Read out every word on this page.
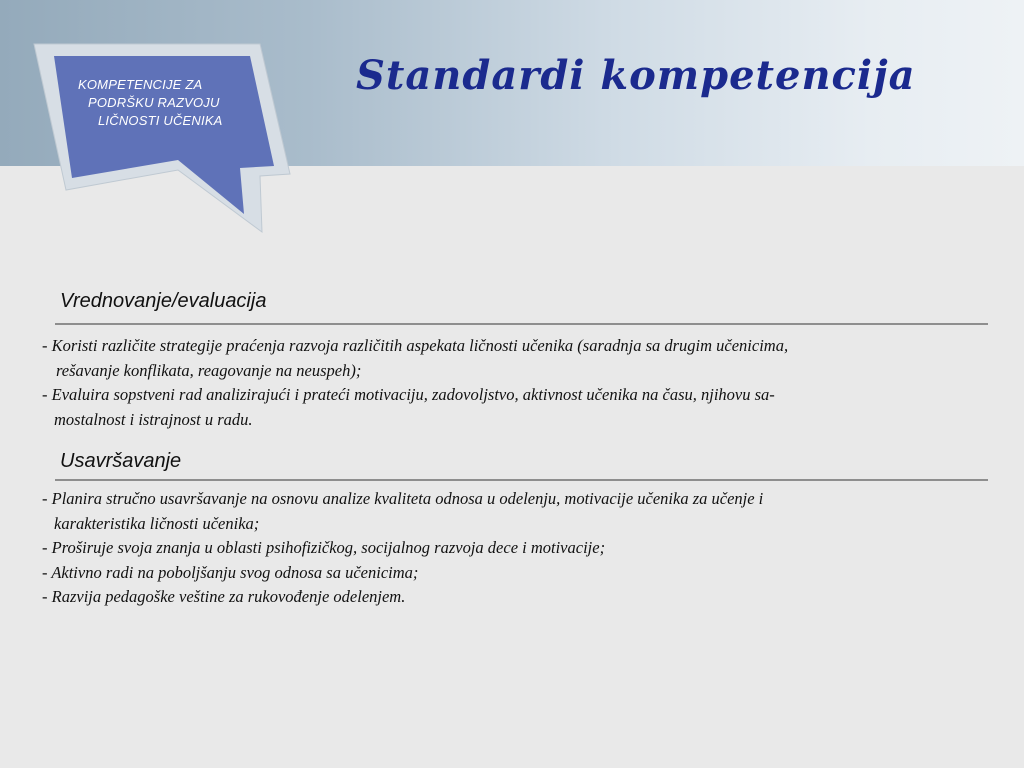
KOMPETENCIJE ZA
PODRŠKU RAZVOJU
LIČNOSTI UČENIKA
Standardi kompetencija
Vrednovanje/evaluacija
- Koristi različite strategije praćenja razvoja različitih aspekata ličnosti učenika (saradnja sa drugim učenicima,
rešavanje konflikata, reagovanje na neuspeh);
- Evaluira sopstveni rad analizirajući i prateći motivaciju, zadovoljstvo, aktivnost učenika na času, njihovu sa-
mostalnost i istrajnost u radu.
Usavršavanje
- Planira stručno usavršavanje na osnovu analize kvaliteta odnosa u odelenju, motivacije učenika za učenje i
karakteristika ličnosti učenika;
- Proširuje svoja znanja u oblasti psihofizičkog, socijalnog razvoja dece i motivacije;
- Aktivno radi na poboljšanju svog odnosa sa učenicima;
- Razvija pedagoške veštine za rukovođenje odelenjem.
